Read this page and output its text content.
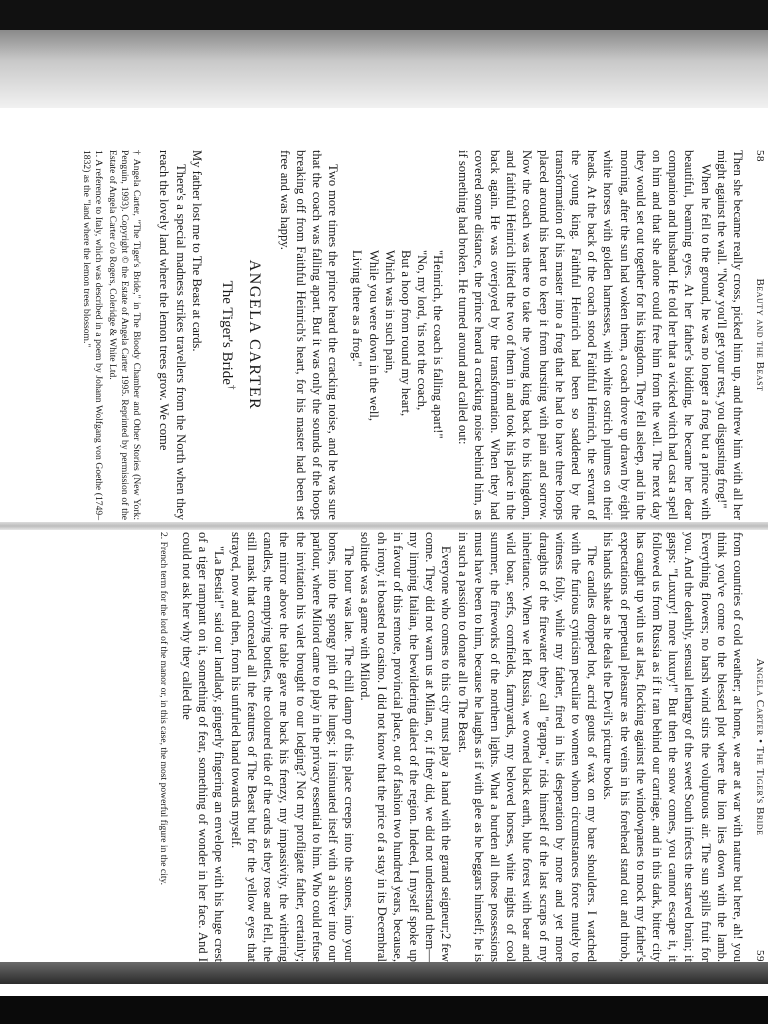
58
Beauty and the Beast

Then she became really cross, picked him up, and threw him with all her might against the wall. "Now you'll get your rest, you disgusting frog!"

When he fell to the ground, he was no longer a frog but a prince with beautiful, beaming eyes. At her father's bidding, he became her dear companion and husband. He told her that a wicked witch had cast a spell on him and that she alone could free him from the well. The next day they would set out together for his kingdom. They fell asleep, and in the morning, after the sun had woken them, a coach drove up drawn by eight white horses with golden harnesses, with white ostrich plumes on their heads. At the back of the coach stood Faithful Heinrich, the servant of the young king. Faithful Heinrich had been so saddened by the transformation of his master into a frog that he had to have three hoops placed around his heart to keep it from bursting with pain and sorrow. Now the coach was there to take the young king back to his kingdom, and faithful Heinrich lifted the two of them in and took his place in the back again. He was overjoyed by the transformation. When they had covered some distance, the prince heard a cracking noise behind him, as if something had broken. He turned around and called out:

"Heinrich, the coach is falling apart!"
"No, my lord, 'tis not the coach,
But a hoop from round my heart,
Which was in such pain,
While you were down in the well,
Living there as a frog."

Two more times the prince heard the cracking noise, and he was sure that the coach was falling apart. But it was only the sounds of the hoops breaking off from Faithful Heinrich's heart, for his master had been set free and was happy.

ANGELA CARTER
The Tiger's Bride†

My father lost me to The Beast at cards.

There's a special madness strikes travellers from the North when they reach the lovely land where the lemon trees grow. We come

† Angela Carter, "The Tiger's Bride," in The Bloody Chamber and Other Stories (New York: Penguin, 1993). Copyright © the Estate of Angela Carter 1995. Reprinted by permission of the Estate of Angela Carter c/o Rogers, Coleridge & White Ltd.
1. A reference to Italy, which was described in a poem by Johann Wolfgang von Goethe (1749–1832) as the "land where the lemon trees blossom."
Angela Carter • The Tiger's Bride
59

from countries of cold weather; at home, we are at war with nature but here, ah! you think you've come to the blessed plot where the lion lies down with the lamb. Everything flowers; no harsh wind stirs the voluptuous air. The sun spills fruit for you. And the deathly, sensual lethargy of the sweet South infects the starved brain; it gasps: "Luxury! more luxury!" But then the snow comes, you cannot escape it, it followed us from Russia as if it ran behind our carriage, and in this dark, bitter city has caught up with us at last, flocking against the windowpanes to mock my father's expectations of perpetual pleasure as the veins in his forehead stand out and throb, his hands shake as he deals the Devil's picture books.

The candles dropped hot, acrid gouts of wax on my bare shoulders. I watched with the furious cynicism peculiar to women whom circumstances force mutely to witness folly, while my father, fired in his desperation by more and yet more draughts of the firewater they call "grappa," rids himself of the last scraps of my inheritance. When we left Russia, we owned black earth, blue forest with bear and wild boar, serfs, cornfields, farmyards, my beloved horses, white nights of cool summer, the fireworks of the northern lights. What a burden all those possessions must have been to him, because he laughs as if with glee as he beggars himself; he is in such a passion to donate all to The Beast.

Everyone who comes to this city must play a hand with the grand seigneur;2 few come. They did not warn us at Milan, or, if they did, we did not understand them—my limping Italian, the bewildering dialect of the region. Indeed, I myself spoke up in favour of this remote, provincial place, out of fashion two hundred years, because, oh irony, it boasted no casino. I did not know that the price of a stay in its Decembral solitude was a game with Milord.

The hour was late. The chill damp of this place creeps into the stones, into your bones, into the spongy pith of the lungs; it insinuated itself with a shiver into our parlour, where Milord came to play in the privacy essential to him. Who could refuse the invitation his valet brought to our lodging? Not my profligate father, certainly; the mirror above the table gave me back his frenzy, my impassivity, the withering candles, the emptying bottles, the coloured tide of the cards as they rose and fell, the still mask that concealed all the features of The Beast but for the yellow eyes that strayed, now and then, from his unfurled hand towards myself.

"La Bestia!" said our landlady, gingerly fingering an envelope with his huge crest of a tiger rampant on it, something of fear, something of wonder in her face. And I could not ask her why they called the

2. French term for the lord of the manor or, in this case, the most powerful figure in the city.
